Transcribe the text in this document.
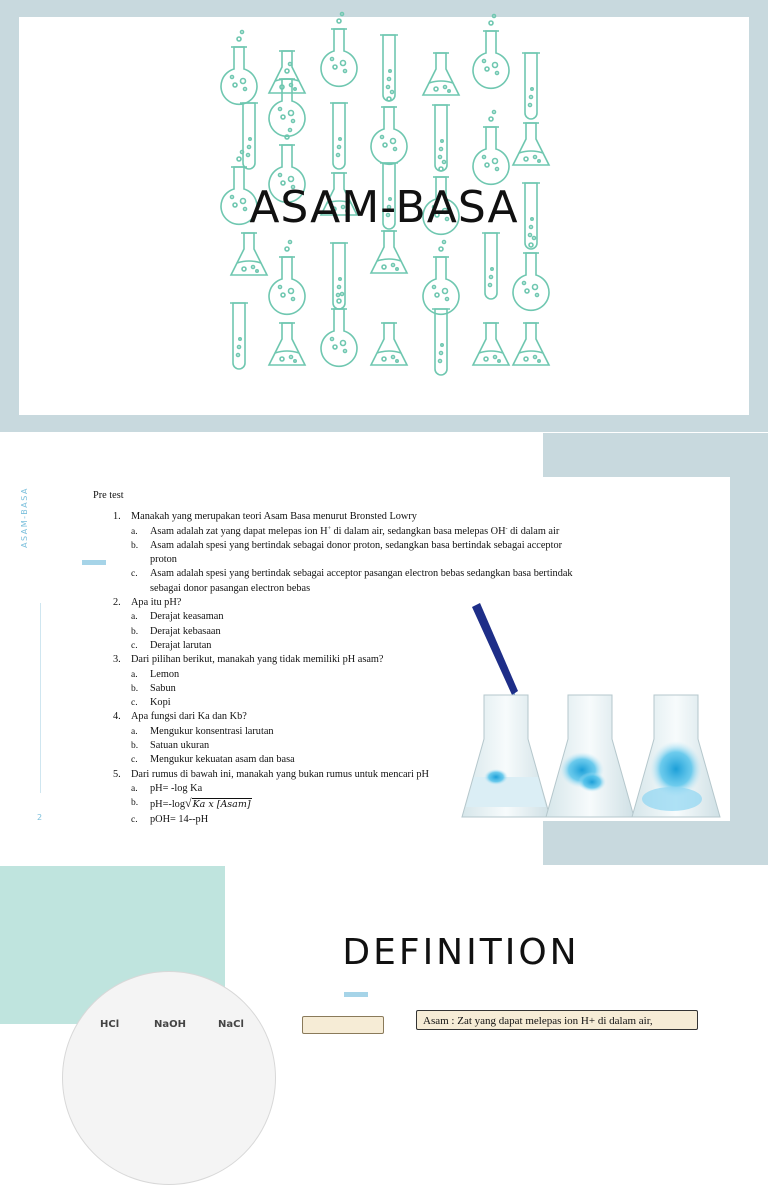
ASAM-BASA
ASAM-BASA
2
Pre test
1. Manakah yang merupakan teori Asam Basa menurut Bronsted Lowry
a. Asam adalah zat yang dapat melepas ion H+ di dalam air, sedangkan basa melepas OH- di dalam air
b. Asam adalah spesi yang bertindak sebagai donor proton, sedangkan basa bertindak sebagai acceptor proton
c. Asam adalah spesi yang bertindak sebagai acceptor pasangan electron bebas sedangkan basa bertindak sebagai donor pasangan electron bebas
2. Apa itu pH?
a. Derajat keasaman
b. Derajat kebasaan
c. Derajat larutan
3. Dari pilihan berikut, manakah yang tidak memiliki pH asam?
a. Lemon
b. Sabun
c. Kopi
4. Apa fungsi dari Ka dan Kb?
a. Mengukur konsentrasi larutan
b. Satuan ukuran
c. Mengukur kekuatan asam dan basa
5. Dari rumus di bawah ini, manakah yang bukan rumus untuk mencari pH
a. pH= -log Ka
b. pH=-log√Ka x [Asam]
c. pOH= 14--pH
HCl	NaOH	NaCl
DEFINITION
Asam : Zat yang dapat melepas ion H+ di dalam air,
